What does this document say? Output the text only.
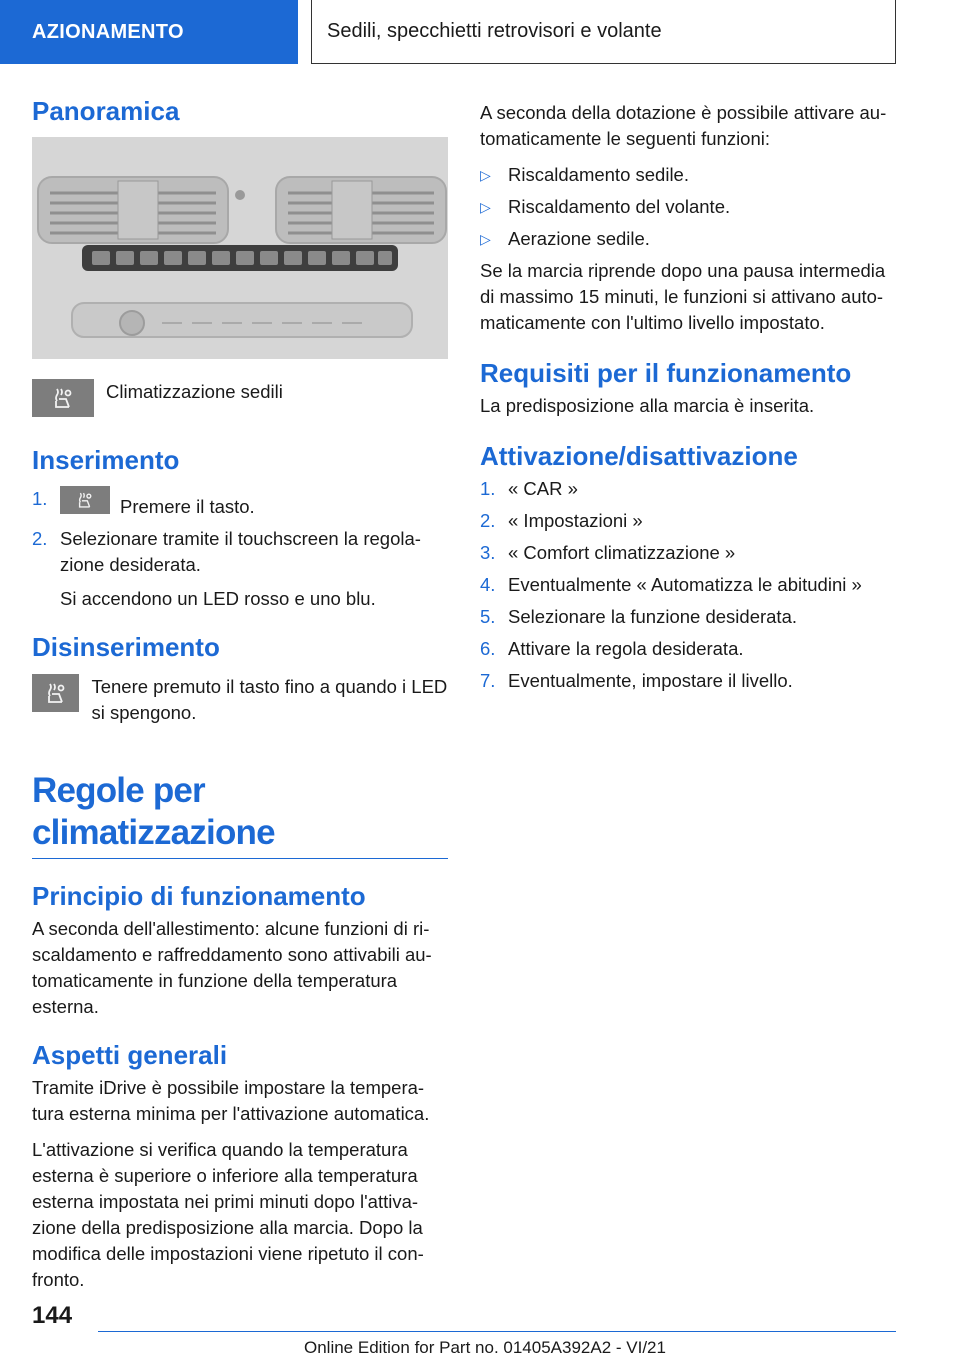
AZIONAMENTO	Sedili, specchietti retrovisori e volante
Panoramica
Climatizzazione sedili
Inserimento
1.	Premere il tasto.
2. Selezionare tramite il touchscreen la regola-zione desiderata.

Si accendono un LED rosso e uno blu.

Disinserimento
Tenere premuto il tasto fino a quando i LED si spengono.
Regole per climatizzazione
Principio di funzionamento

A seconda dell'allestimento: alcune funzioni di ri-scaldamento e raffreddamento sono attivabili au-tomaticamente in funzione della temperatura esterna.

Aspetti generali

Tramite iDrive è possibile impostare la tempera-tura esterna minima per l'attivazione automatica.

L'attivazione si verifica quando la temperatura esterna è superiore o inferiore alla temperatura esterna impostata nei primi minuti dopo l'attiva-zione della predisposizione alla marcia. Dopo la modifica delle impostazioni viene ripetuto il con-fronto.

A seconda della dotazione è possibile attivare au-tomaticamente le seguenti funzioni:

▷ Riscaldamento sedile.
▷ Riscaldamento del volante.
▷ Aerazione sedile.

Se la marcia riprende dopo una pausa intermedia di massimo 15 minuti, le funzioni si attivano auto-maticamente con l'ultimo livello impostato.

Requisiti per il funzionamento

La predisposizione alla marcia è inserita.

Attivazione/disattivazione
1. « CAR »
2. « Impostazioni »
3. « Comfort climatizzazione »
4. Eventualmente « Automatizza le abitudini »
5. Selezionare la funzione desiderata.
6. Attivare la regola desiderata.
7. Eventualmente, impostare il livello.
144
Online Edition for Part no. 01405A392A2 - VI/21
